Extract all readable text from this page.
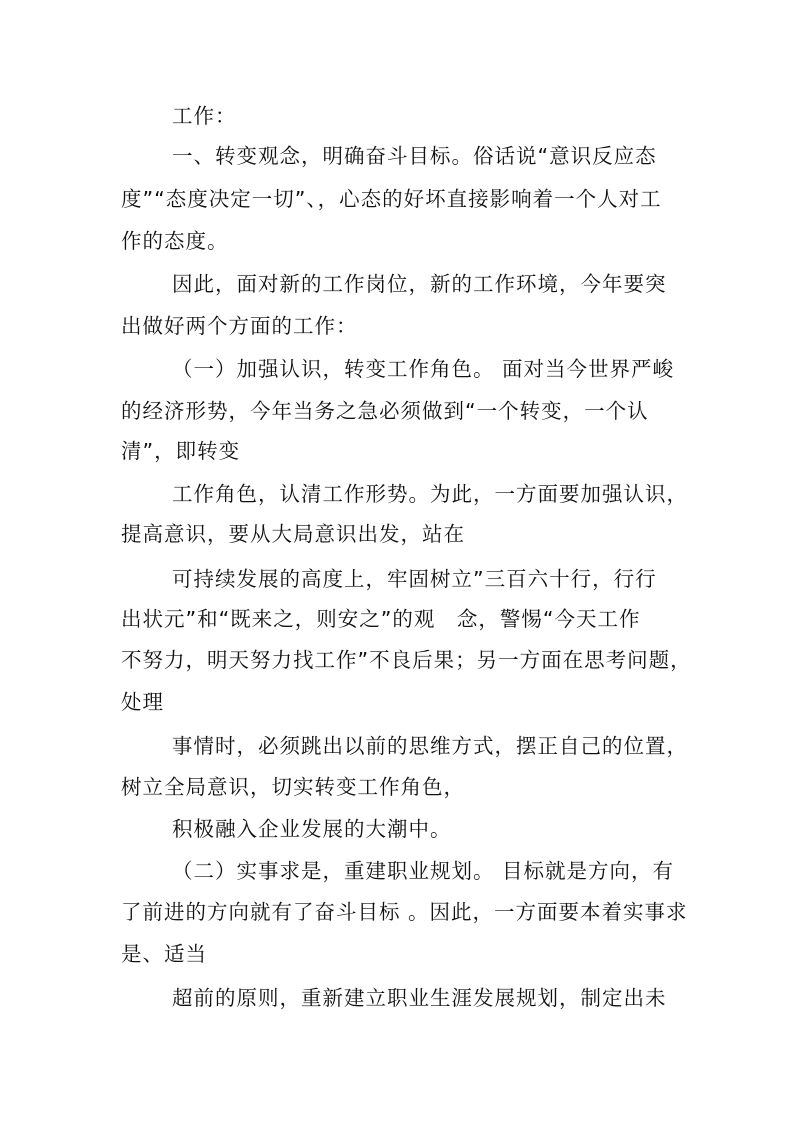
工作：
一、转变观念，明确奋斗目标。俗话说“意识反应态
度”“态度决定一切”、，心态的好坏直接影响着一个人对工
作的态度。
因此，面对新的工作岗位，新的工作环境，今年要突
出做好两个方面的工作：
（一）加强认识，转变工作角色。 面对当今世界严峻
的经济形势，今年当务之急必须做到“一个转变，一个认
清”，即转变
工作角色，认清工作形势。为此，一方面要加强认识，
提高意识，要从大局意识出发，站在
可持续发展的高度上，牢固树立”三百六十行，行行
出状元”和“既来之，则安之”的观　念，警惕“今天工作
不努力，明天努力找工作”不良后果；另一方面在思考问题，
处理
事情时，必须跳出以前的思维方式，摆正自己的位置，
树立全局意识，切实转变工作角色，
积极融入企业发展的大潮中。
（二）实事求是，重建职业规划。 目标就是方向，有
了前进的方向就有了奋斗目标 。因此，一方面要本着实事求
是、适当
超前的原则，重新建立职业生涯发展规划，制定出未
